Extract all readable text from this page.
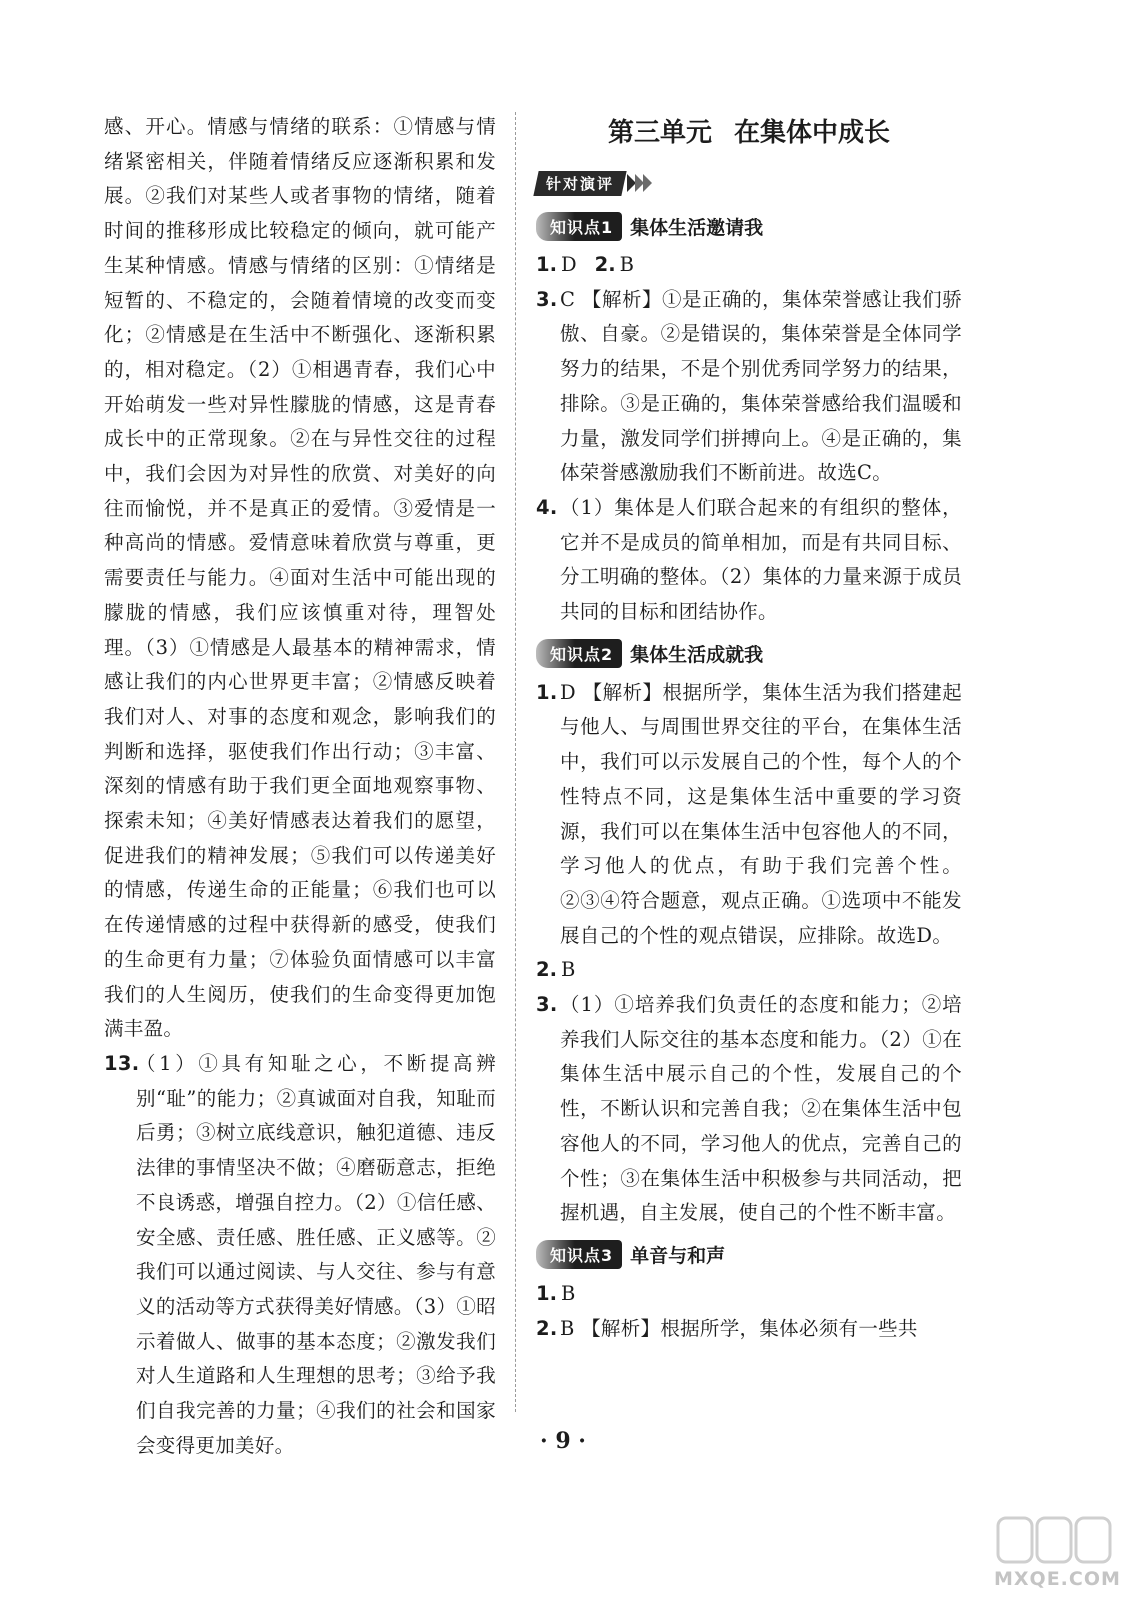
感、开心。情感与情绪的联系：①情感与情绪紧密相关，伴随着情绪反应逐渐积累和发展。②我们对某些人或者事物的情绪，随着时间的推移形成比较稳定的倾向，就可能产生某种情感。情感与情绪的区别：①情绪是短暂的、不稳定的，会随着情境的改变而变化；②情感是在生活中不断强化、逐渐积累的，相对稳定。（2）①相遇青春，我们心中开始萌发一些对异性朦胧的情感，这是青春成长中的正常现象。②在与异性交往的过程中，我们会因为对异性的欣赏、对美好的向往而愉悦，并不是真正的爱情。③爱情是一种高尚的情感。爱情意味着欣赏与尊重，更需要责任与能力。④面对生活中可能出现的朦胧的情感，我们应该慎重对待，理智处理。（3）①情感是人最基本的精神需求，情感让我们的内心世界更丰富；②情感反映着我们对人、对事的态度和观念，影响我们的判断和选择，驱使我们作出行动；③丰富、深刻的情感有助于我们更全面地观察事物、探索未知；④美好情感表达着我们的愿望，促进我们的精神发展；⑤我们可以传递美好的情感，传递生命的正能量；⑥我们也可以在传递情感的过程中获得新的感受，使我们的生命更有力量；⑦体验负面情感可以丰富我们的人生阅历，使我们的生命变得更加饱满丰盈。

13.
（1）①具有知耻之心，不断提高辨别“耻”的能力；②真诚面对自我，知耻而后勇；③树立底线意识，触犯道德、违反法律的事情坚决不做；④磨砺意志，拒绝不良诱惑，增强自控力。（2）①信任感、安全感、责任感、胜任感、正义感等。②我们可以通过阅读、与人交往、参与有意义的活动等方式获得美好情感。（3）①昭示着做人、做事的基本态度；②激发我们对人生道路和人生理想的思考；③给予我们自我完善的力量；④我们的社会和国家会变得更加美好。
第三单元 在集体中成长
针对演评
知识点1 集体生活邀请我
1. D 2. B
3. C 【解析】①是正确的，集体荣誉感让我们骄傲、自豪。②是错误的，集体荣誉是全体同学努力的结果，不是个别优秀同学努力的结果，排除。③是正确的，集体荣誉感给我们温暖和力量，激发同学们拼搏向上。④是正确的，集体荣誉感激励我们不断前进。故选C。
4. （1）集体是人们联合起来的有组织的整体，它并不是成员的简单相加，而是有共同目标、分工明确的整体。（2）集体的力量来源于成员共同的目标和团结协作。
知识点2 集体生活成就我
1. D 【解析】根据所学，集体生活为我们搭建起与他人、与周围世界交往的平台，在集体生活中，我们可以示发展自己的个性，每个人的个性特点不同，这是集体生活中重要的学习资源，我们可以在集体生活中包容他人的不同，学习他人的优点，有助于我们完善个性。②③④符合题意，观点正确。①选项中不能发展自己的个性的观点错误，应排除。故选D。
2. B
3. （1）①培养我们负责任的态度和能力；②培养我们人际交往的基本态度和能力。（2）①在集体生活中展示自己的个性，发展自己的个性，不断认识和完善自我；②在集体生活中包容他人的不同，学习他人的优点，完善自己的个性；③在集体生活中积极参与共同活动，把握机遇，自主发展，使自己的个性不断丰富。
知识点3 单音与和声
1. B
2. B 【解析】根据所学，集体必须有一些共
· 9 ·
MXQE.COM
